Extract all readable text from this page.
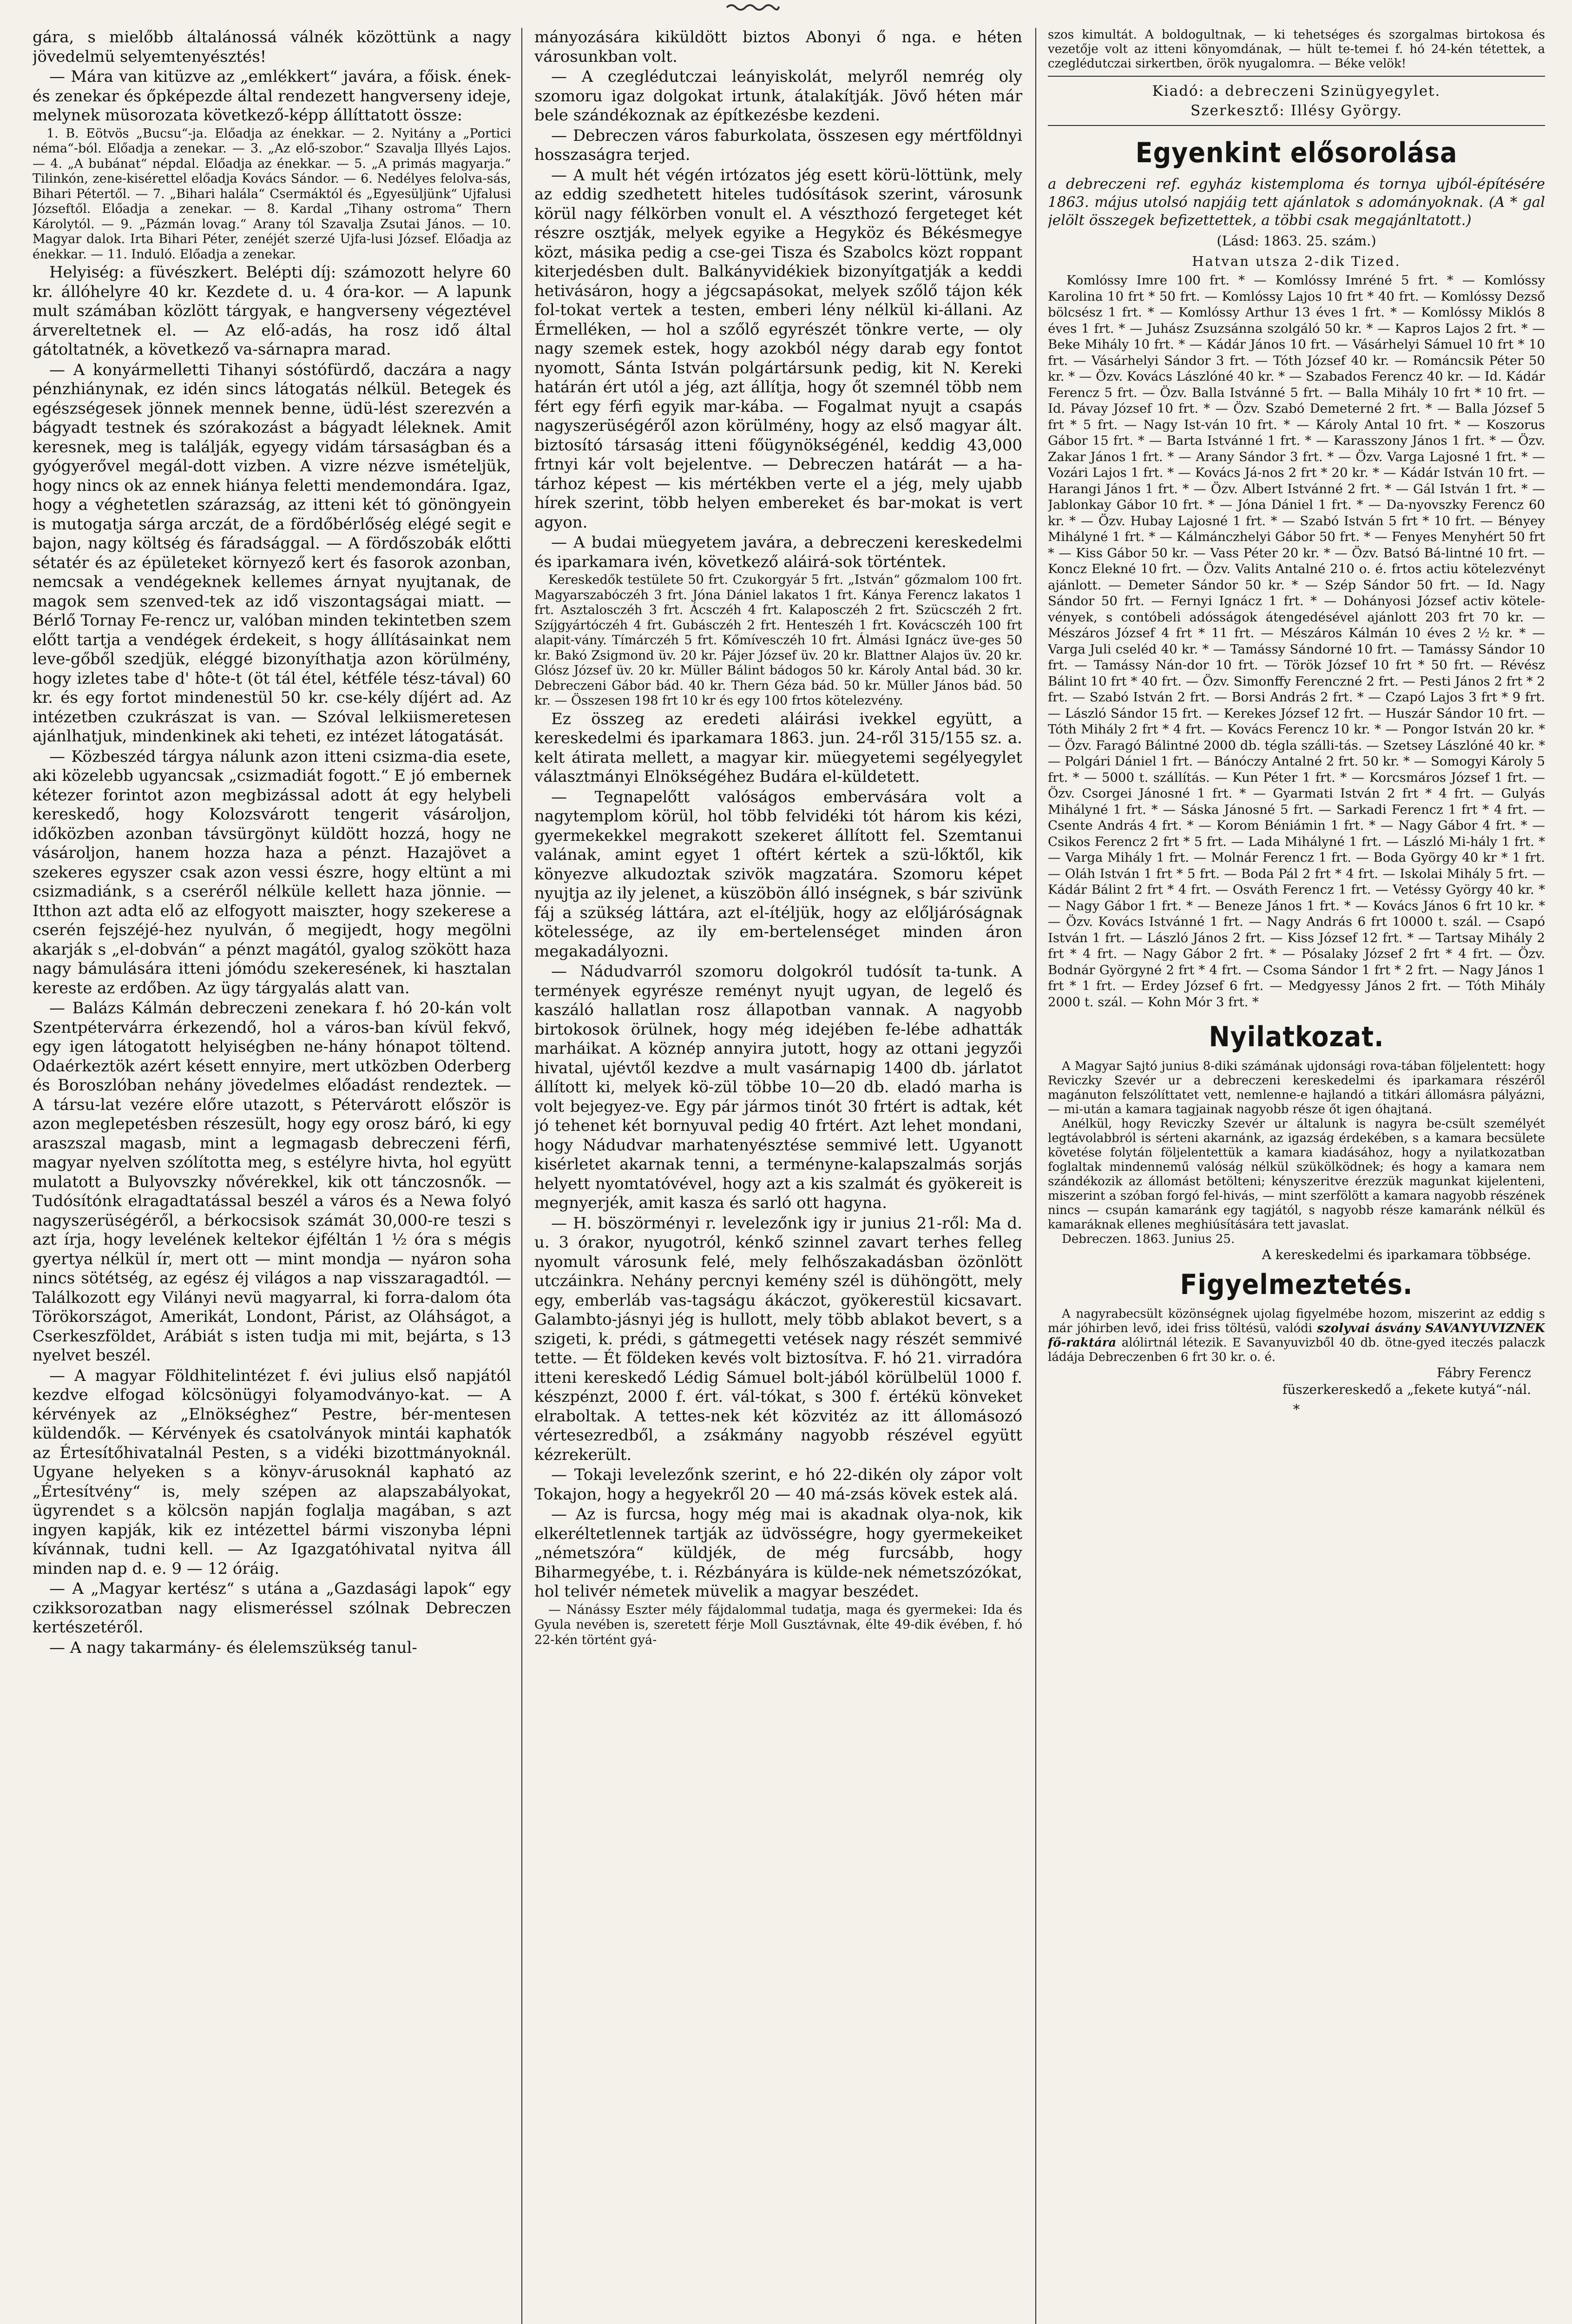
gára, s mielőbb általánossá válnék közöttünk a nagy jövedelmü selyemtenyésztés!

— Mára van kitüzve az „emlékkert“ javára, a főisk. ének- és zenekar és őpképezde által rendezett hangverseny ideje, melynek müsorozata következő-képp állíttatott össze:

1. B. Eötvös „Bucsu“-ja. Előadja az énekkar. — 2. Nyitány a „Portici néma“-ból. Előadja a zenekar. — 3. „Az elő-szobor.“ Szavalja Illyés Lajos. — 4. „A bubánat“ népdal. Előadja az énekkar. — 5. „A primás magyarja.“ Tilinkón, zene-kisérettel előadja Kovács Sándor. — 6. Nedélyes felolva-sás, Bihari Pétertől. — 7. „Bihari halála“ Csermáktól és „Egyesüljünk“ Ujfalusi Józseftől. Előadja a zenekar. — 8. Kardal „Tihany ostroma“ Thern Károlytól. — 9. „Pázmán lovag.“ Arany tól Szavalja Zsutai János. — 10. Magyar dalok. Irta Bihari Péter, zenéjét szerzé Ujfa-lusi József. Előadja az énekkar. — 11. Induló. Előadja a zenekar.

Helyiség: a füvészkert. Belépti díj: számozott helyre 60 kr. állóhelyre 40 kr. Kezdete d. u. 4 óra-kor. — A lapunk mult számában közlött tárgyak, e hangverseny végeztével árvereltetnek el. — Az elő-adás, ha rosz idő által gátoltatnék, a következő va-sárnapra marad.

— A konyármelletti Tihanyi sóstófürdő, daczára a nagy pénzhiánynak, ez idén sincs látogatás nélkül. Betegek és egészségesek jönnek mennek benne, üdü-lést szerezvén a bágyadt testnek és szórakozást a bágyadt léleknek. Amit keresnek, meg is találják, egyegy vidám társaságban és a gyógyerővel megál-dott vizben. A vizre nézve ismételjük, hogy nincs ok az ennek hiánya feletti mendemondára. Igaz, hogy a véghetetlen szárazság, az itteni két tó gönöngyein is mutogatja sárga arczát, de a fördőbérlőség elégé segit e bajon, nagy költség és fáradsággal. — A fördőszobák előtti sétatér és az épületeket környező kert és fasorok azonban, nemcsak a vendégeknek kellemes árnyat nyujtanak, de magok sem szenved-tek az idő viszontagságai miatt. — Bérlő Tornay Fe-rencz ur, valóban minden tekintetben szem előtt tartja a vendégek érdekeit, s hogy állításainkat nem leve-gőből szedjük, eléggé bizonyíthatja azon körülmény, hogy izletes tabe d' hôte-t (öt tál étel, kétféle tész-tával) 60 kr. és egy fortot mindenestül 50 kr. cse-kély díjért ad. Az intézetben czukrászat is van. — Szóval lelkiismeretesen ajánlhatjuk, mindenkinek aki teheti, ez intézet látogatását.

— Közbeszéd tárgya nálunk azon itteni csizma-dia esete, aki közelebb ugyancsak „csizmadiát fogott.“ E jó embernek kétezer forintot azon megbizással adott át egy helybeli kereskedő, hogy Kolozsvárott tengerit vásároljon, időközben azonban távsürgönyt küldött hozzá, hogy ne vásároljon, hanem hozza haza a pénzt. Hazajövet a szekeres egyszer csak azon vessi észre, hogy eltünt a mi csizmadiánk, s a cseréről nélküle kellett haza jönnie. — Itthon azt adta elő az elfogyott maiszter, hogy szekerese a cserén fejszéjé-hez nyulván, ő megijedt, hogy megölni akarják s „el-dobván“ a pénzt magától, gyalog szökött haza nagy bámulására itteni jómódu szekeresének, ki hasztalan kereste az erdőben. Az ügy tárgyalás alatt van.

— Balázs Kálmán debreczeni zenekara f. hó 20-kán volt Szentpétervárra érkezendő, hol a város-ban kívül fekvő, egy igen látogatott helyiségben ne-hány hónapot töltend. Odaérkeztök azért késett ennyire, mert utközben Oderberg és Boroszlóban nehány jövedelmes előadást rendeztek. — A társu-lat vezére előre utazott, s Pétervárott először is azon meglepetésben részesült, hogy egy orosz báró, ki egy araszszal magasb, mint a legmagasb debreczeni férfi, magyar nyelven szólította meg, s estélyre hivta, hol együtt mulatott a Bulyovszky nővérekkel, kik ott tánczosnők. — Tudósítónk elragadtatással beszél a város és a Newa folyó nagyszerüségéről, a bérkocsisok számát 30,000-re teszi s azt írja, hogy levelének keltekor éjféltán 1 ½ óra s mégis gyertya nélkül ír, mert ott — mint mondja — nyáron soha nincs sötétség, az egész éj világos a nap visszaragadtól. — Találkozott egy Vilányi nevü magyarral, ki forra-dalom óta Törökországot, Amerikát, Londont, Párist, az Oláhságot, a Cserkeszföldet, Arábiát s isten tudja mi mit, bejárta, s 13 nyelvet beszél.

— A magyar Földhitelintézet f. évi julius első napjától kezdve elfogad kölcsönügyi folyamodványo-kat. — A kérvények az „Elnökséghez“ Pestre, bér-mentesen küldendők. — Kérvények és csatolványok mintái kaphatók az Értesítőhivatalnál Pesten, s a vidéki bizottmányoknál. Ugyane helyeken s a könyv-árusoknál kapható az „Értesítvény“ is, mely szépen az alapszabályokat, ügyrendet s a kölcsön napján foglalja magában, s azt ingyen kapják, kik ez intézettel bármi viszonyba lépni kívánnak, tudni kell. — Az Igazgatóhivatal nyitva áll minden nap d. e. 9 — 12 óráig.

— A „Magyar kertész“ s utána a „Gazdasági lapok“ egy czikksorozatban nagy elismeréssel szólnak Debreczen kertészetéről.

— A nagy takarmány- és élelemszükség tanul-

mányozására kiküldött biztos Abonyi ő nga. e héten városunkban volt.

— A czeglédutczai leányiskolát, melyről nemrég oly szomoru igaz dolgokat irtunk, átalakítják. Jövő héten már bele szándékoznak az építkezésbe kezdeni.

— Debreczen város faburkolata, összesen egy mértföldnyi hosszaságra terjed.

— A mult hét végén irtózatos jég esett körü-löttünk, mely az eddig szedhetett hiteles tudósítások szerint, városunk körül nagy félkörben vonult el. A vészthozó fergeteget két részre osztják, melyek egyike a Hegyköz és Békésmegye közt, másika pedig a cse-gei Tisza és Szabolcs közt roppant kiterjedésben dult. Balkányvidékiek bizonyítgatják a keddi hetivásáron, hogy a jégcsapásokat, melyek szőlő tájon kék fol-tokat vertek a testen, emberi lény nélkül ki-állani. Az Érmelléken, — hol a szőlő egyrészét tönkre verte, — oly nagy szemek estek, hogy azokból négy darab egy fontot nyomott, Sánta István polgártársunk pedig, kit N. Kereki határán ért utól a jég, azt állítja, hogy őt szemnél több nem fért egy férfi egyik mar-kába. — Fogalmat nyujt a csapás nagyszerüségéről azon körülmény, hogy az első magyar ált. biztosító társaság itteni főügynökségénél, keddig 43,000 frtnyi kár volt bejelentve. — Debreczen határát — a ha-tárhoz képest — kis mértékben verte el a jég, mely ujabb hírek szerint, több helyen embereket és bar-mokat is vert agyon.

— A budai müegyetem javára, a debreczeni kereskedelmi és iparkamara ivén, következő aláirá-sok történtek.

Kereskedők testülete 50 frt. Czukorgyár 5 frt. „István“ gőzmalom 100 frt. Magyarszabóczéh 3 frt. Jóna Dániel lakatos 1 frt. Kánya Ferencz lakatos 1 frt. Asztalosczéh 3 frt. Ácsczéh 4 frt. Kalaposczéh 2 frt. Szücsczéh 2 frt. Szíjgyártóczéh 4 frt. Gubásczéh 2 frt. Henteszéh 1 frt. Kovácsczéh 100 frt alapit-vány. Tímárczéh 5 frt. Kőmívesczéh 10 frt. Álmási Ignácz üve-ges 50 kr. Bakó Zsigmond üv. 20 kr. Pájer József üv. 20 kr. Blattner Alajos üv. 20 kr. Glósz József üv. 20 kr. Müller Bálint bádogos 50 kr. Károly Antal bád. 30 kr. Debreczeni Gábor bád. 40 kr. Thern Géza bád. 50 kr. Müller János bád. 50 kr. — Összesen 198 frt 10 kr és egy 100 frtos kötelezvény.

Ez összeg az eredeti aláirási ivekkel együtt, a kereskedelmi és iparkamara 1863. jun. 24-ről 315/155 sz. a. kelt átirata mellett, a magyar kir. müegyetemi segélyegylet választmányi Elnökségéhez Budára el-küldetett.

— Tegnapelőtt valóságos embervására volt a nagytemplom körül, hol több felvidéki tót három kis kézi, gyermekekkel megrakott szekeret állított fel. Szemtanui valának, amint egyet 1 oftért kértek a szü-lőktől, kik könyezve alkudoztak szivök magzatára. Szomoru képet nyujtja az ily jelenet, a küszöbön álló inségnek, s bár szivünk fáj a szükség láttára, azt el-ítéljük, hogy az előljáróságnak kötelessége, az ily em-bertelenséget minden áron megakadályozni.

— Nádudvarról szomoru dolgokról tudósít ta-tunk. A termények egyrésze reményt nyujt ugyan, de legelő és kaszáló hallatlan rosz állapotban vannak. A nagyobb birtokosok örülnek, hogy még idejében fe-lébe adhatták marháikat. A köznép annyira jutott, hogy az ottani jegyzői hivatal, ujévtől kezdve a mult vasárnapig 1400 db. járlatot állított ki, melyek kö-zül többe 10—20 db. eladó marha is volt bejegyez-ve. Egy pár jármos tinót 30 frtért is adtak, két jó tehenet két bornyuval pedig 40 frtért. Azt lehet mondani, hogy Nádudvar marhatenyésztése semmivé lett. Ugyanott kisérletet akarnak tenni, a terményne-kalapszalmás sorjás helyett nyomtatóvével, hogy azt a kis szalmát és gyökereit is megnyerjék, amit kasza és sarló ott hagyna.

— H. böszörményi r. levelezőnk igy ir junius 21-ről: Ma d. u. 3 órakor, nyugotról, kénkő szinnel zavart terhes felleg nyomult városunk felé, mely felhőszakadásban özönlött utczáinkra. Nehány percnyi kemény szél is dühöngött, mely egy, emberláb vas-tagságu ákáczot, gyökerestül kicsavart. Galambto-jásnyi jég is hullott, mely több ablakot bevert, s a szigeti, k. prédi, s gátmegetti vetések nagy részét semmivé tette. — Ét földeken kevés volt biztosítva. F. hó 21. virradóra itteni kereskedő Lédig Sámuel bolt-jából körülbelül 1000 f. készpénzt, 2000 f. ért. vál-tókat, s 300 f. értékü könveket elraboltak. A tettes-nek két közvitéz az itt állomásozó vértesezredből, a zsákmány nagyobb részével együtt kézrekerült.

— Tokaji levelezőnk szerint, e hó 22-dikén oly zápor volt Tokajon, hogy a hegyekről 20 — 40 má-zsás kövek estek alá.

— Az is furcsa, hogy még mai is akadnak olya-nok, kik elkeréltetlennek tartják az üdvösségre, hogy gyermekeiket „németszóra“ küldjék, de még furcsább, hogy Biharmegyébe, t. i. Rézbányára is külde-nek németszózókat, hol telivér németek müvelik a magyar beszédet.

— Nánássy Eszter mély fájdalommal tudatja, maga és gyermekei: Ida és Gyula nevében is, szeretett férje Moll Gusztávnak, élte 49-dik évében, f. hó 22-kén történt gyá-

szos kimultát. A boldogultnak, — ki tehetséges és szorgalmas birtokosa és vezetője volt az itteni könyomdának, — hült te-temei f. hó 24-kén tétettek, a czeglédutczai sirkertben, örök nyugalomra. — Béke velök!

Kiadó: a debreczeni Szinügyegylet.

Szerkesztő: Illésy György.

Egyenkint elősorolása

a debreczeni ref. egyház kistemploma és tornya ujból-építésére 1863. május utolsó napjáig tett ajánlatok s adományoknak. (A * gal jelölt összegek befizettettek, a többi csak megajánltatott.)

(Lásd: 1863. 25. szám.)

Hatvan utsza 2-dik Tized.

Komlóssy Imre 100 frt. * — Komlóssy Imréné 5 frt. * — Komlóssy Karolina 10 frt * 50 frt. — Komlóssy Lajos 10 frt * 40 frt. — Komlóssy Dezső bölcsész 1 frt. * — Komlóssy Arthur 13 éves 1 frt. * — Komlóssy Miklós 8 éves 1 frt. * — Juhász Zsuzsánna szolgáló 50 kr. * — Kapros Lajos 2 frt. * — Beke Mihály 10 frt. * — Kádár János 10 frt. — Vásárhelyi Sámuel 10 frt * 10 frt. — Vásárhelyi Sándor 3 frt. — Tóth József 40 kr. — Románcsik Péter 50 kr. * — Özv. Kovács Lászlóné 40 kr. * — Szabados Ferencz 40 kr. — Id. Kádár Ferencz 5 frt. — Özv. Balla Istvánné 5 frt. — Balla Mihály 10 frt * 10 frt. — Id. Pávay József 10 frt. * — Özv. Szabó Demeterné 2 frt. * — Balla József 5 frt * 5 frt. — Nagy Ist-ván 10 frt. * — Károly Antal 10 frt. * — Koszorus Gábor 15 frt. * — Barta Istvánné 1 frt. * — Karasszony János 1 frt. * — Özv. Zakar János 1 frt. * — Arany Sándor 3 frt. * — Özv. Varga Lajosné 1 frt. * — Vozári Lajos 1 frt. * — Kovács Já-nos 2 frt * 20 kr. * — Kádár István 10 frt. — Harangi János 1 frt. * — Özv. Albert Istvánné 2 frt. * — Gál István 1 frt. * — Jablonkay Gábor 10 frt. * — Jóna Dániel 1 frt. * — Da-nyovszky Ferencz 60 kr. * — Özv. Hubay Lajosné 1 frt. * — Szabó István 5 frt * 10 frt. — Bényey Mihályné 1 frt. * — Kálmánczhelyi Gábor 50 frt. * — Fenyes Menyhért 50 frt * — Kiss Gábor 50 kr. — Vass Péter 20 kr. * — Özv. Batsó Bá-lintné 10 frt. — Koncz Elekné 10 frt. — Özv. Valits Antalné 210 o. é. frtos actiu kötelezvényt ajánlott. — Demeter Sándor 50 kr. * — Szép Sándor 50 frt. — Id. Nagy Sándor 50 frt. — Fernyi Ignácz 1 frt. * — Dohányosi József activ kötele-vények, s contóbeli adósságok átengedésével ajánlott 203 frt 70 kr. — Mészáros József 4 frt * 11 frt. — Mészáros Kálmán 10 éves 2 ½ kr. * — Varga Juli cseléd 40 kr. * — Tamássy Sándorné 10 frt. — Tamássy Sándor 10 frt. — Tamássy Nán-dor 10 frt. — Török József 10 frt * 50 frt. — Révész Bálint 10 frt * 40 frt. — Özv. Simonffy Ferenczné 2 frt. — Pesti János 2 frt * 2 frt. — Szabó István 2 frt. — Borsi András 2 frt. * — Czapó Lajos 3 frt * 9 frt. — László Sándor 15 frt. — Kerekes József 12 frt. — Huszár Sándor 10 frt. — Tóth Mihály 2 frt * 4 frt. — Kovács Ferencz 10 kr. * — Pongor István 20 kr. * — Özv. Faragó Bálintné 2000 db. tégla szálli-tás. — Szetsey Lászlóné 40 kr. * — Polgári Dániel 1 frt. — Bánóczy Antalné 2 frt. 50 kr. * — Somogyi Károly 5 frt. * — 5000 t. szállítás. — Kun Péter 1 frt. * — Korcsmáros József 1 frt. — Özv. Csorgei Jánosné 1 frt. * — Gyarmati István 2 frt * 4 frt. — Gulyás Mihályné 1 frt. * — Sáska Jánosné 5 frt. — Sarkadi Ferencz 1 frt * 4 frt. — Csente András 4 frt. * — Korom Béniámin 1 frt. * — Nagy Gábor 4 frt. * — Csikos Ferencz 2 frt * 5 frt. — Lada Mihályné 1 frt. — László Mi-hály 1 frt. * — Varga Mihály 1 frt. — Molnár Ferencz 1 frt. — Boda György 40 kr * 1 frt. — Oláh István 1 frt * 5 frt. — Boda Pál 2 frt * 4 frt. — Iskolai Mihály 5 frt. — Kádár Bálint 2 frt * 4 frt. — Osváth Ferencz 1 frt. — Vetéssy György 40 kr. * — Nagy Gábor 1 frt. * — Beneze János 1 frt. * — Kovács János 6 frt 10 kr. * — Özv. Kovács Istvánné 1 frt. — Nagy András 6 frt 10000 t. szál. — Csapó István 1 frt. — László János 2 frt. — Kiss József 12 frt. * — Tartsay Mihály 2 frt * 4 frt. — Nagy Gábor 2 frt. * — Pósalaky József 2 frt * 4 frt. — Özv. Bodnár Györgyné 2 frt * 4 frt. — Csoma Sándor 1 frt * 2 frt. — Nagy János 1 frt * 1 frt. — Erdey József 6 frt. — Medgyessy János 2 frt. — Tóth Mihály 2000 t. szál. — Kohn Mór 3 frt. *

Nyilatkozat.

A Magyar Sajtó junius 8-diki számának ujdonsági rova-tában följelentett: hogy Reviczky Szevér ur a debreczeni kereskedelmi és iparkamara részéről magánuton felszólíttatet vett, nemlenne-e hajlandó a titkári állomásra pályázni, — mi-után a kamara tagjainak nagyobb része őt igen óhajtaná.

Anélkül, hogy Reviczky Szevér ur általunk is nagyra be-csült személyét legtávolabbról is sérteni akarnánk, az igazság érdekében, s a kamara becsülete követése folytán följelentettük a kamara kiadásához, hogy a nyilatkozatban foglaltak mindennemű valóság nélkül szükölködnek; és hogy a kamara nem szándékozik az állomást betölteni; kényszeritve érezzük magunkat kijelenteni, miszerint a szóban forgó fel-hivás, — mint szerfölött a kamara nagyobb részének nincs — csupán kamaránk egy tagjától, s nagyobb része kamaránk nélkül és kamaráknak ellenes meghiúsítására tett javaslat.

Debreczen. 1863. Junius 25.

A kereskedelmi és iparkamara többsége.

Figyelmeztetés.

A nagyrabecsült közönségnek ujolag figyelmébe hozom, miszerint az eddig s már jóhirben levő, idei friss töltésü, valódi szolyvai ásvány SAVANYUVIZNEK fő-raktára alólirtnál létezik. E Savanyuvizből 40 db. ötne-gyed iteczés palaczk ládája Debreczenben 6 frt 30 kr. o. é.

Fábry Ferencz

füszerkereskedő a „fekete kutyá“-nál.

*
